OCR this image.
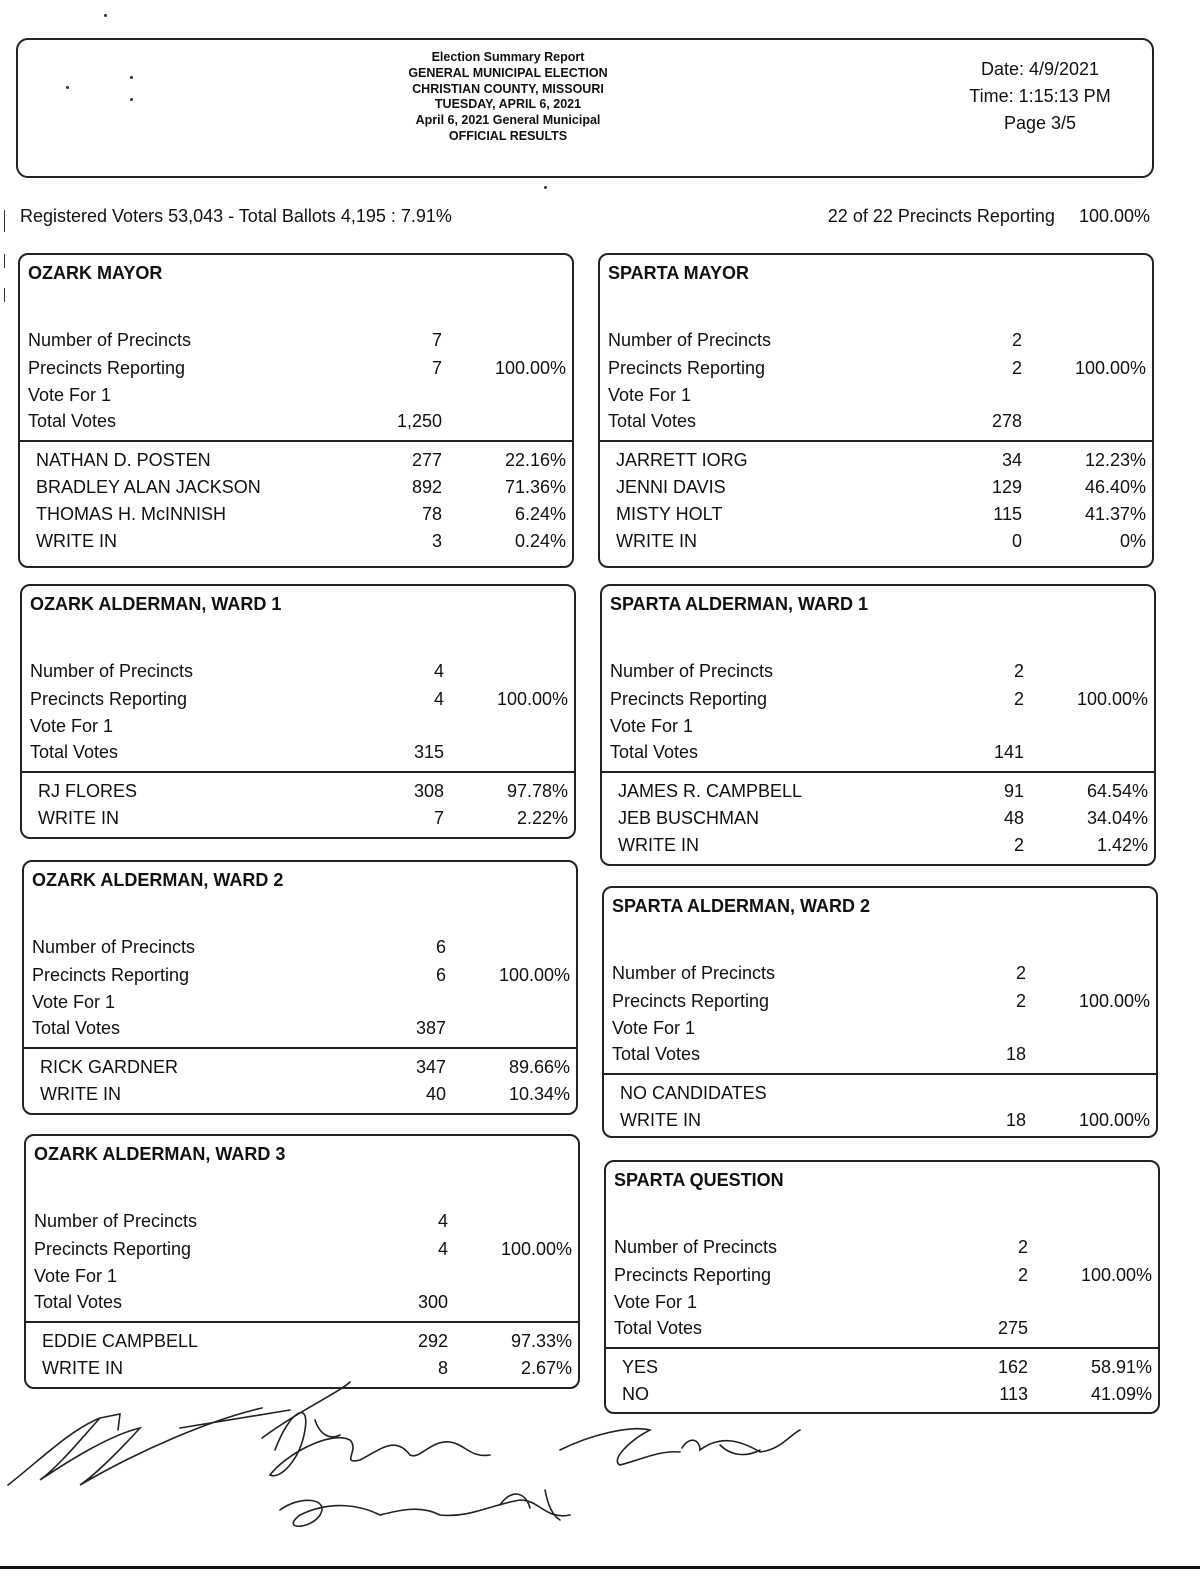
Election Summary Report
GENERAL MUNICIPAL ELECTION
CHRISTIAN COUNTY, MISSOURI
TUESDAY, APRIL 6, 2021
April 6, 2021 General Municipal
OFFICIAL RESULTS
Date: 4/9/2021
Time: 1:15:13 PM
Page 3/5
Registered Voters 53,043 - Total Ballots 4,195 : 7.91%	22 of 22 Precincts Reporting 100.00%
OZARK MAYOR
Number of Precincts	7
Precincts Reporting	7	100.00%
Vote For 1
Total Votes	1,250
NATHAN D. POSTEN	277	22.16%
BRADLEY ALAN JACKSON	892	71.36%
THOMAS H. McINNISH	78	6.24%
WRITE IN	3	0.24%
SPARTA MAYOR
Number of Precincts	2
Precincts Reporting	2	100.00%
Vote For 1
Total Votes	278
JARRETT IORG	34	12.23%
JENNI DAVIS	129	46.40%
MISTY HOLT	115	41.37%
WRITE IN	0	0%
OZARK ALDERMAN, WARD 1
Number of Precincts	4
Precincts Reporting	4	100.00%
Vote For 1
Total Votes	315
RJ FLORES	308	97.78%
WRITE IN	7	2.22%
SPARTA ALDERMAN, WARD 1
Number of Precincts	2
Precincts Reporting	2	100.00%
Vote For 1
Total Votes	141
JAMES R. CAMPBELL	91	64.54%
JEB BUSCHMAN	48	34.04%
WRITE IN	2	1.42%
OZARK ALDERMAN, WARD 2
Number of Precincts	6
Precincts Reporting	6	100.00%
Vote For 1
Total Votes	387
RICK GARDNER	347	89.66%
WRITE IN	40	10.34%
SPARTA ALDERMAN, WARD 2
Number of Precincts	2
Precincts Reporting	2	100.00%
Vote For 1
Total Votes	18
NO CANDIDATES
WRITE IN	18	100.00%
OZARK ALDERMAN, WARD 3
Number of Precincts	4
Precincts Reporting	4	100.00%
Vote For 1
Total Votes	300
EDDIE CAMPBELL	292	97.33%
WRITE IN	8	2.67%
SPARTA QUESTION
Number of Precincts	2
Precincts Reporting	2	100.00%
Vote For 1
Total Votes	275
YES	162	58.91%
NO	113	41.09%
